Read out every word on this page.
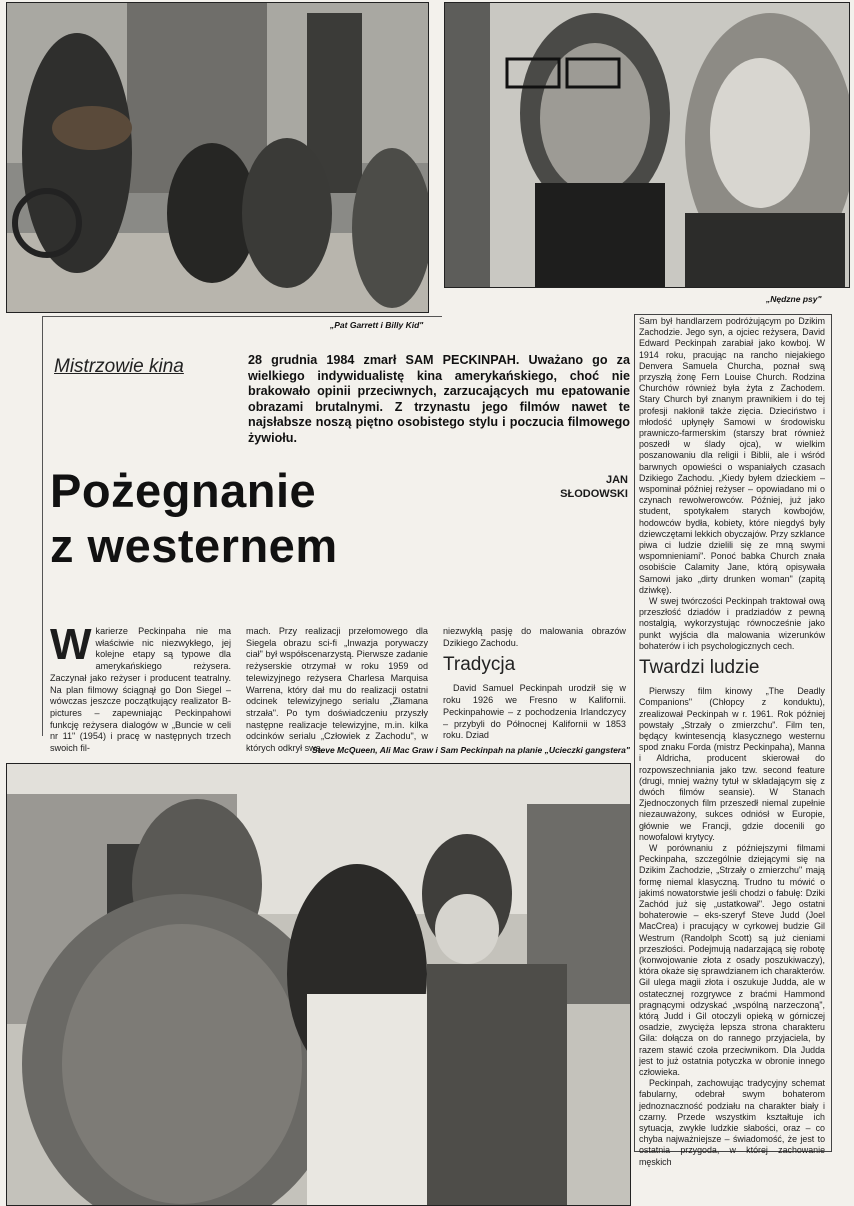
„Pat Garrett i Billy Kid"
„Nędzne psy"
Steve McQueen, Ali Mac Graw i Sam Peckinpah na planie „Ucieczki gangstera"
Mistrzowie kina	28 grudnia 1984 zmarł SAM PECKINPAH. Uważano go za wielkiego indywidualistę kina amerykańskiego, choć nie brakowało opinii przeciwnych, zarzucających mu epatowanie obrazami brutalnymi. Z trzynastu jego filmów nawet te najsłabsze noszą piętno osobistego stylu i poczucia filmowego żywiołu.
JAN
SŁODOWSKI
Pożegnanie
z westernem
W karierze Peckinpaha nie ma właściwie nic niezwykłego, jej kolejne etapy są typowe dla amerykańskiego reżysera. Zaczynał jako reżyser i producent teatralny. Na plan filmowy ściągnął go Don Siegel – wówczas jeszcze początkujący realizator B-pictures – zapewniając Peckinpahowi funkcję reżysera dialogów w „Buncie w celi nr 11" (1954) i pracę w następnych trzech swoich fil-
mach. Przy realizacji przełomowego dla Siegela obrazu sci-fi „Inwazja porywaczy ciał" był współscenarzystą. Pierwsze zadanie reżyserskie otrzymał w roku 1959 od telewizyjnego reżysera Charlesa Marquisa Warrena, który dał mu do realizacji ostatni odcinek telewizyjnego serialu „Złamana strzała". Po tym doświadczeniu przyszły następne realizacje telewizyjne, m.in. kilka odcinków serialu „Człowiek z Zachodu", w których odkrył swą

niezwykłą pasję do malowania obrazów Dzikiego Zachodu.

Tradycja

David Samuel Peckinpah urodził się w roku 1926 we Fresno w Kalifornii. Peckinpahowie – z pochodzenia Irlandczycy – przybyli do Północnej Kalifornii w 1853 roku. Dziad

Sam był handlarzem podróżującym po Dzikim Zachodzie. Jego syn, a ojciec reżysera, David Edward Peckinpah zarabiał jako kowboj. W 1914 roku, pracując na rancho niejakiego Denvera Samuela Churcha, poznał swą przyszłą żonę Fern Louise Church. Rodzina Churchów również była żyta z Zachodem. Stary Church był znanym prawnikiem i do tej profesji nakłonił także zięcia. Dzieciństwo i młodość upłynęły Samowi w środowisku prawniczo-farmerskim (starszy brat również poszedł w ślady ojca), w wielkim poszanowaniu dla religii i Biblii, ale i wśród barwnych opowieści o wspaniałych czasach Dzikiego Zachodu. „Kiedy byłem dzieckiem – wspominał później reżyser – opowiadano mi o czynach rewolwerowców. Później, już jako student, spotykałem starych kowbojów, hodowców bydła, kobiety, które niegdyś były dziewczętami lekkich obyczajów. Przy szklance piwa ci ludzie dzielili się ze mną swymi wspomnieniami". Ponoć babka Church znała osobiście Calamity Jane, którą opisywała Samowi jako „dirty drunken woman" (zapitą dziwkę).

W swej twórczości Peckinpah traktował ową przeszłość dziadów i pradziadów z pewną nostalgią, wykorzystując równocześnie jako punkt wyjścia dla malowania wizerunków bohaterów i ich psychologicznych cech.

Twardzi ludzie

Pierwszy film kinowy „The Deadly Companions" (Chłopcy z konduktu), zrealizował Peckinpah w r. 1961. Rok później powstały „Strzały o zmierzchu". Film ten, będący kwintesencją klasycznego westernu spod znaku Forda (mistrz Peckinpaha), Manna i Aldricha, producent skierował do rozpowszechniania jako tzw. second feature (drugi, mniej ważny tytuł w składającym się z dwóch filmów seansie). W Stanach Zjednoczonych film przeszedł niemal zupełnie niezauważony, sukces odniósł w Europie, głównie we Francji, gdzie docenili go nowofalowi krytycy.

W porównaniu z późniejszymi filmami Peckinpaha, szczególnie dziejącymi się na Dzikim Zachodzie, „Strzały o zmierzchu" mają formę niemal klasyczną. Trudno tu mówić o jakimś nowatorstwie jeśli chodzi o fabułę: Dziki Zachód już się „ustatkował". Jego ostatni bohaterowie – eks-szeryf Steve Judd (Joel MacCrea) i pracujący w cyrkowej budzie Gil Westrum (Randolph Scott) są już cieniami przeszłości. Podejmują nadarzającą się robotę (konwojowanie złota z osady poszukiwaczy), która okaże się sprawdzianem ich charakterów. Gil ulega magii złota i oszukuje Judda, ale w ostatecznej rozgrywce z braćmi Hammond pragnącymi odzyskać „wspólną narzeczoną", którą Judd i Gil otoczyli opieką w górniczej osadzie, zwycięża lepsza strona charakteru Gila: dołącza on do rannego przyjaciela, by razem stawić czoła przeciwnikom. Dla Judda jest to już ostatnia potyczka w obronie innego człowieka.

Peckinpah, zachowując tradycyjny schemat fabularny, odebrał swym bohaterom jednoznaczność podziału na charakter biały i czarny. Przede wszystkim kształtuje ich sytuacja, zwykłe ludzkie słabości, oraz – co chyba najważniejsze – świadomość, że jest to ostatnia przygoda, w której zachowanie męskich
